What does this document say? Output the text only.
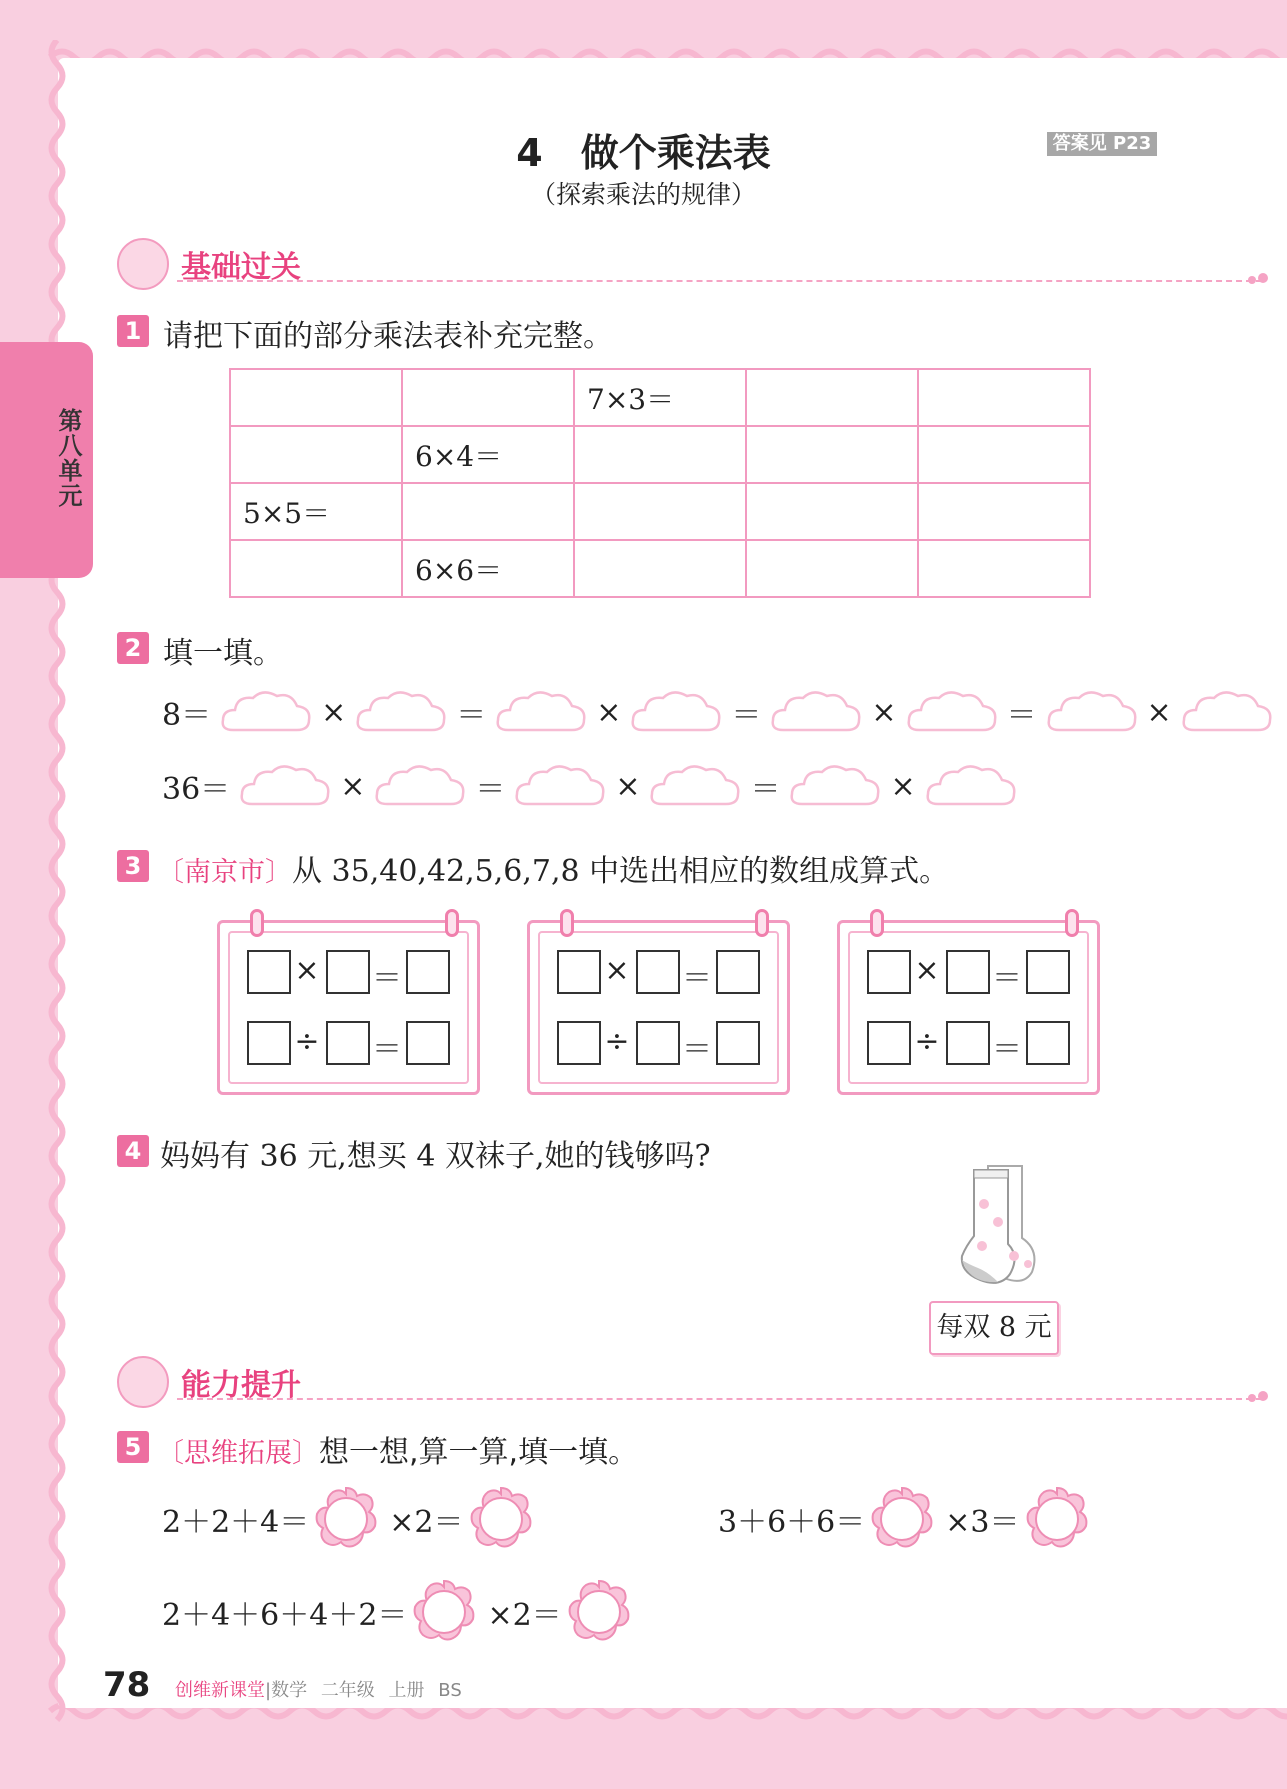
第八单元
4　做个乘法表
（探索乘法的规律）
答案见 P23
基础过关
1 请把下面的部分乘法表补充完整。
		7×3＝		
	6×4＝			
5×5＝				
	6×6＝			
2 填一填。
8＝	×	＝	×	＝	×	＝	×
36＝	×	＝	×	＝	×
3 〔南京市〕从 35,40,42,5,6,7,8 中选出相应的数组成算式。
× ＝
÷ ＝
× ＝
÷ ＝
× ＝
÷ ＝
4 妈妈有 36 元,想买 4 双袜子,她的钱够吗?
每双 8 元
能力提升
5 〔思维拓展〕想一想,算一算,填一填。
2＋2＋4＝	×2＝	3＋6＋6＝	×3＝
2＋4＋6＋4＋2＝	×2＝
78 创维新课堂|数学 二年级 上册 BS
